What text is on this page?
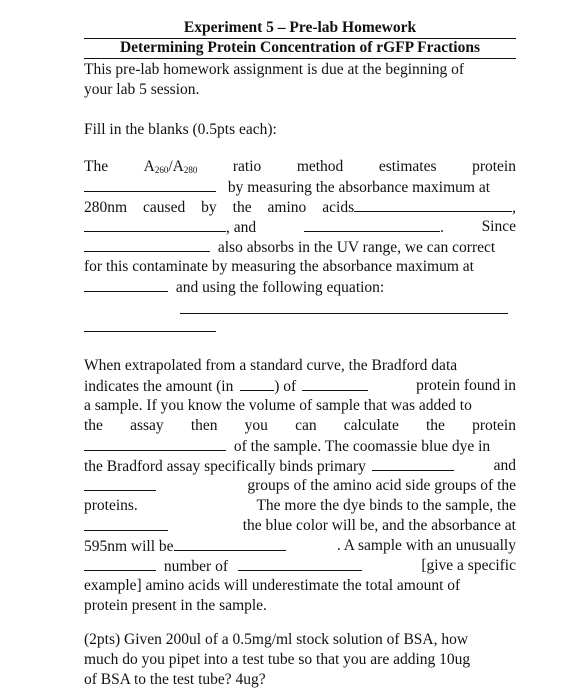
Experiment 5 – Pre-lab Homework
Determining Protein Concentration of rGFP Fractions
This pre-lab homework assignment is due at the beginning of
your lab 5 session.
Fill in the blanks (0.5pts each):
The $A_{260}/A_{280}$ ratio method estimates protein
by measuring the absorbance maximum at
280nm caused by the amino acids	,
, and	. Since
also absorbs in the UV range, we can correct
for this contaminate by measuring the absorbance maximum at
and using the following equation:
When extrapolated from a standard curve, the Bradford data
indicates the amount (in	) of	protein found in
a sample. If you know the volume of sample that was added to
the assay then you can calculate the protein
of the sample. The coomassie blue dye in
the Bradford assay specifically binds primary	and
groups of the amino acid side groups of the
proteins.	The more the dye binds to the sample, the
the blue color will be, and the absorbance at
595nm will be	. A sample with an unusually
number of	[give a specific
example] amino acids will underestimate the total amount of
protein present in the sample.
(2pts) Given 200ul of a 0.5mg/ml stock solution of BSA, how
much do you pipet into a test tube so that you are adding 10ug
of BSA to the test tube? 4ug?
